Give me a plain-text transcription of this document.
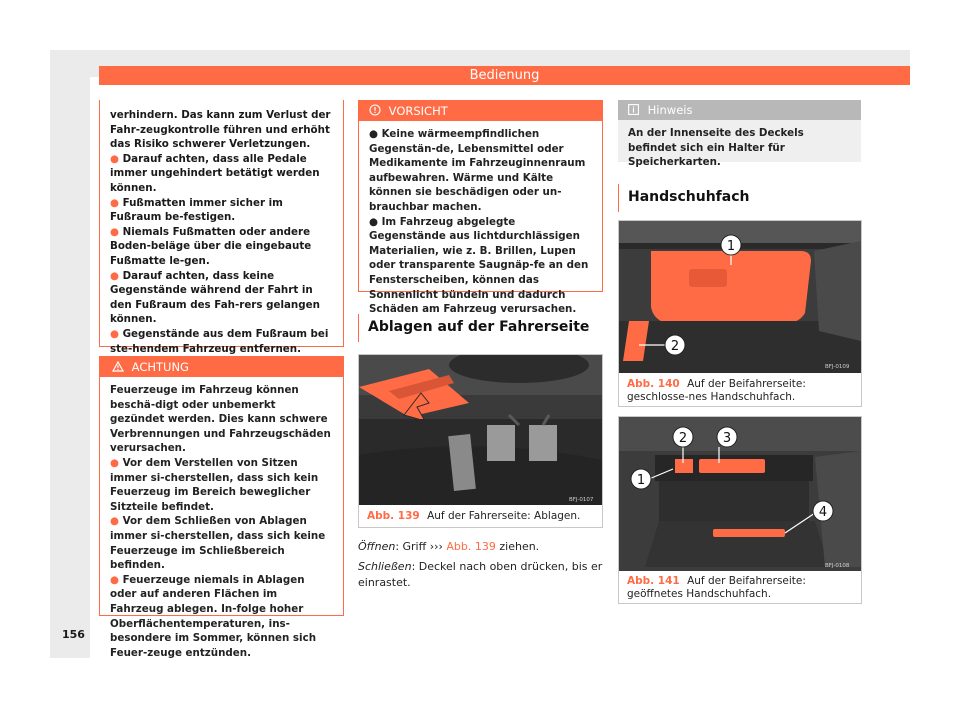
Bedienung

verhindern. Das kann zum Verlust der Fahr-zeugkontrolle führen und erhöht das Risiko schwerer Verletzungen.

● Darauf achten, dass alle Pedale immer ungehindert betätigt werden können.

● Fußmatten immer sicher im Fußraum be-festigen.

● Niemals Fußmatten oder andere Boden-beläge über die eingebaute Fußmatte le-gen.

● Darauf achten, dass keine Gegenstände während der Fahrt in den Fußraum des Fah-rers gelangen können.

● Gegenstände aus dem Fußraum bei ste-hendem Fahrzeug entfernen.

ACHTUNG

Feuerzeuge im Fahrzeug können beschä-digt oder unbemerkt gezündet werden. Dies kann schwere Verbrennungen und Fahrzeugschäden verursachen.

● Vor dem Verstellen von Sitzen immer si-cherstellen, dass sich kein Feuerzeug im Bereich beweglicher Sitzteile befindet.

● Vor dem Schließen von Ablagen immer si-cherstellen, dass sich keine Feuerzeuge im Schließbereich befinden.

● Feuerzeuge niemals in Ablagen oder auf anderen Flächen im Fahrzeug ablegen. In-folge hoher Oberflächentemperaturen, ins-besondere im Sommer, können sich Feuer-zeuge entzünden.

156
VORSICHT

● Keine wärmeempfindlichen Gegenstän-de, Lebensmittel oder Medikamente im Fahrzeuginnenraum aufbewahren. Wärme und Kälte können sie beschädigen oder un-brauchbar machen.

● Im Fahrzeug abgelegte Gegenstände aus lichtdurchlässigen Materialien, wie z. B. Brillen, Lupen oder transparente Saugnäp-fe an den Fensterscheiben, können das Sonnenlicht bündeln und dadurch Schäden am Fahrzeug verursachen.

Ablagen auf der Fahrerseite
BFJ-0107
Abb. 139 Auf der Fahrerseite: Ablagen.
Öffnen: Griff ››› Abb. 139 ziehen.
Schließen: Deckel nach oben drücken, bis er einrastet.
Hinweis

An der Innenseite des Deckels befindet sich ein Halter für Speicherkarten.

Handschuhfach
1
2
BFJ-0109
Abb. 140 Auf der Beifahrerseite: geschlosse-nes Handschuhfach.
2	3
1
4
BFJ-0108
Abb. 141 Auf der Beifahrerseite: geöffnetes Handschuhfach.
